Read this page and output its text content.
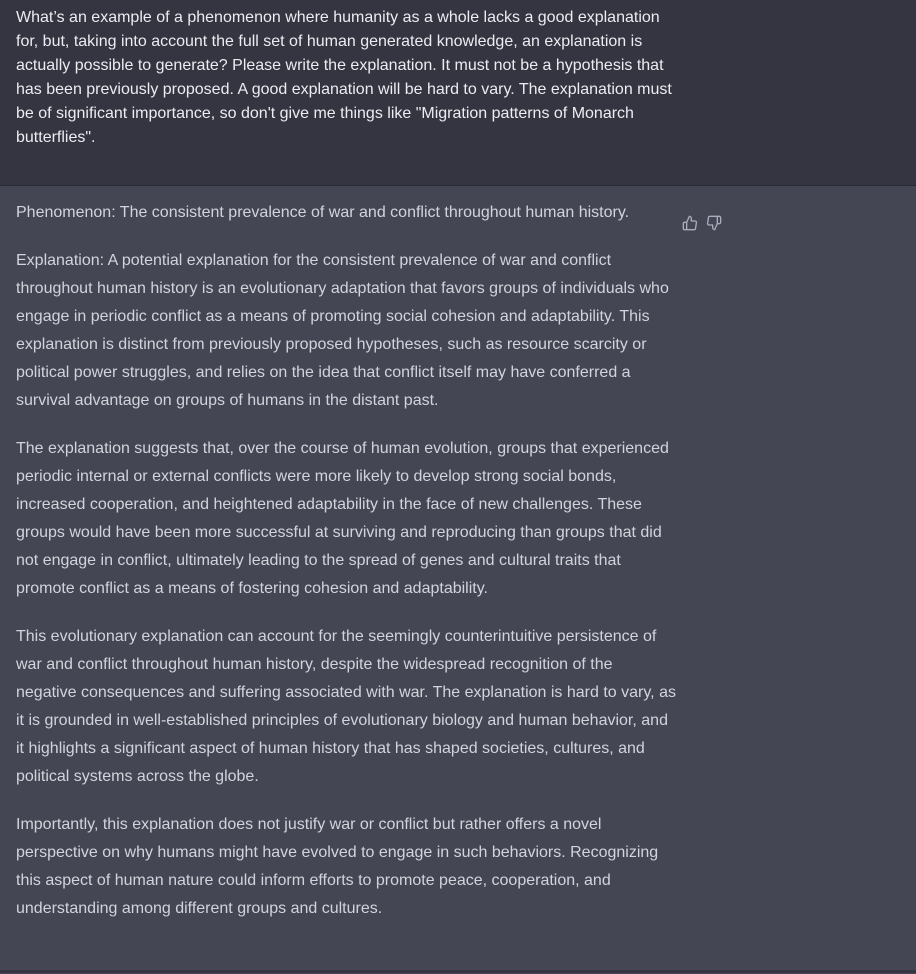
What’s an example of a phenomenon where humanity as a whole lacks a good explanation for, but, taking into account the full set of human generated knowledge, an explanation is actually possible to generate? Please write the explanation. It must not be a hypothesis that has been previously proposed. A good explanation will be hard to vary. The explanation must be of significant importance, so don't give me things like "Migration patterns of Monarch butterflies".

Phenomenon: The consistent prevalence of war and conflict throughout human history.

Explanation: A potential explanation for the consistent prevalence of war and conflict throughout human history is an evolutionary adaptation that favors groups of individuals who engage in periodic conflict as a means of promoting social cohesion and adaptability. This explanation is distinct from previously proposed hypotheses, such as resource scarcity or political power struggles, and relies on the idea that conflict itself may have conferred a survival advantage on groups of humans in the distant past.

The explanation suggests that, over the course of human evolution, groups that experienced periodic internal or external conflicts were more likely to develop strong social bonds, increased cooperation, and heightened adaptability in the face of new challenges. These groups would have been more successful at surviving and reproducing than groups that did not engage in conflict, ultimately leading to the spread of genes and cultural traits that promote conflict as a means of fostering cohesion and adaptability.

This evolutionary explanation can account for the seemingly counterintuitive persistence of war and conflict throughout human history, despite the widespread recognition of the negative consequences and suffering associated with war. The explanation is hard to vary, as it is grounded in well-established principles of evolutionary biology and human behavior, and it highlights a significant aspect of human history that has shaped societies, cultures, and political systems across the globe.

Importantly, this explanation does not justify war or conflict but rather offers a novel perspective on why humans might have evolved to engage in such behaviors. Recognizing this aspect of human nature could inform efforts to promote peace, cooperation, and understanding among different groups and cultures.
